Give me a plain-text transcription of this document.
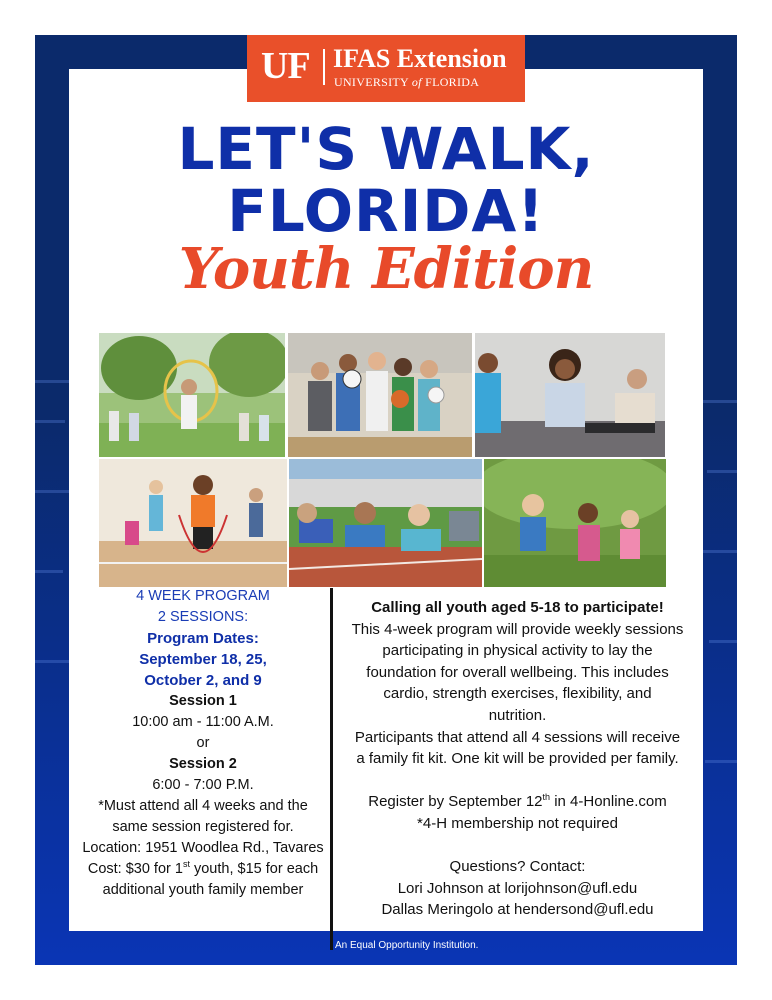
UF IFAS Extension
UNIVERSITY of FLORIDA
LET'S WALK,
FLORIDA!
Youth Edition
4 WEEK PROGRAM
2 SESSIONS:
Program Dates:
September 18, 25,
October 2, and 9
Session 1
10:00 am - 11:00 A.M.
or
Session 2
6:00 - 7:00 P.M.
*Must attend all 4 weeks and the
same session registered for.
Location: 1951 Woodlea Rd., Tavares
Cost: $30 for 1st youth, $15 for each
additional youth family member
Calling all youth aged 5-18 to participate!
This 4-week program will provide weekly sessions
participating in physical activity to lay the
foundation for overall wellbeing. This includes
cardio, strength exercises, flexibility, and
nutrition.
Participants that attend all 4 sessions will receive
a family fit kit. One kit will be provided per family.
Register by September 12th in 4-Honline.com
*4-H membership not required
Questions? Contact:
Lori Johnson at lorijohnson@ufl.edu
Dallas Meringolo at hendersond@ufl.edu
An Equal Opportunity Institution.
